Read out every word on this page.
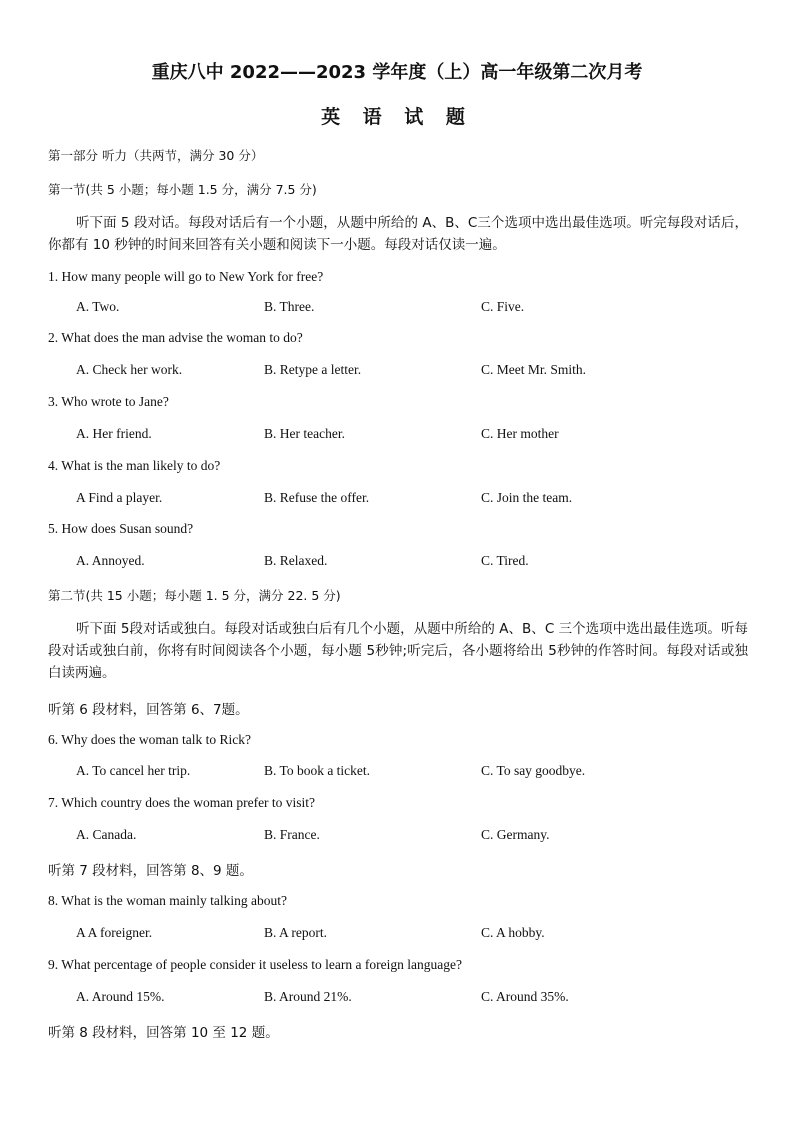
重庆八中 2022——2023 学年度（上）高一年级第二次月考
英 语 试 题
第一部分 听力（共两节，满分 30 分）
第一节(共 5 小题；每小题 1.5 分，满分 7.5 分)
听下面 5 段对话。每段对话后有一个小题，从题中所给的 A、B、C三个选项中选出最佳选项。听完每段对话后，你都有 10 秒钟的时间来回答有关小题和阅读下一小题。每段对话仅读一遍。
1. How many people will go to New York for free?
A. Two.	B. Three.	C. Five.
2. What does the man advise the woman to do?
A. Check her work.	B. Retype a letter.	C. Meet Mr. Smith.
3. Who wrote to Jane?
A. Her friend.	B. Her teacher.	C. Her mother
4. What is the man likely to do?
A Find a player.	B. Refuse the offer.	C. Join the team.
5. How does Susan sound?
A. Annoyed.	B. Relaxed.	C. Tired.
第二节(共 15 小题；每小题 1. 5 分，满分 22. 5 分)
听下面 5段对话或独白。每段对话或独白后有几个小题，从题中所给的 A、B、C 三个选项中选出最佳选项。听每段对话或独白前，你将有时间阅读各个小题，每小题 5秒钟;听完后，各小题将给出 5秒钟的作答时间。每段对话或独白读两遍。
听第 6 段材料，回答第 6、7题。
6. Why does the woman talk to Rick?
A. To cancel her trip.	B. To book a ticket.	C. To say goodbye.
7. Which country does the woman prefer to visit?
A. Canada.	B. France.	C. Germany.
听第 7 段材料，回答第 8、9 题。
8. What is the woman mainly talking about?
A A foreigner.	B. A report.	C. A hobby.
9. What percentage of people consider it useless to learn a foreign language?
A. Around 15%.	B. Around 21%.	C. Around 35%.
听第 8 段材料，回答第 10 至 12 题。
